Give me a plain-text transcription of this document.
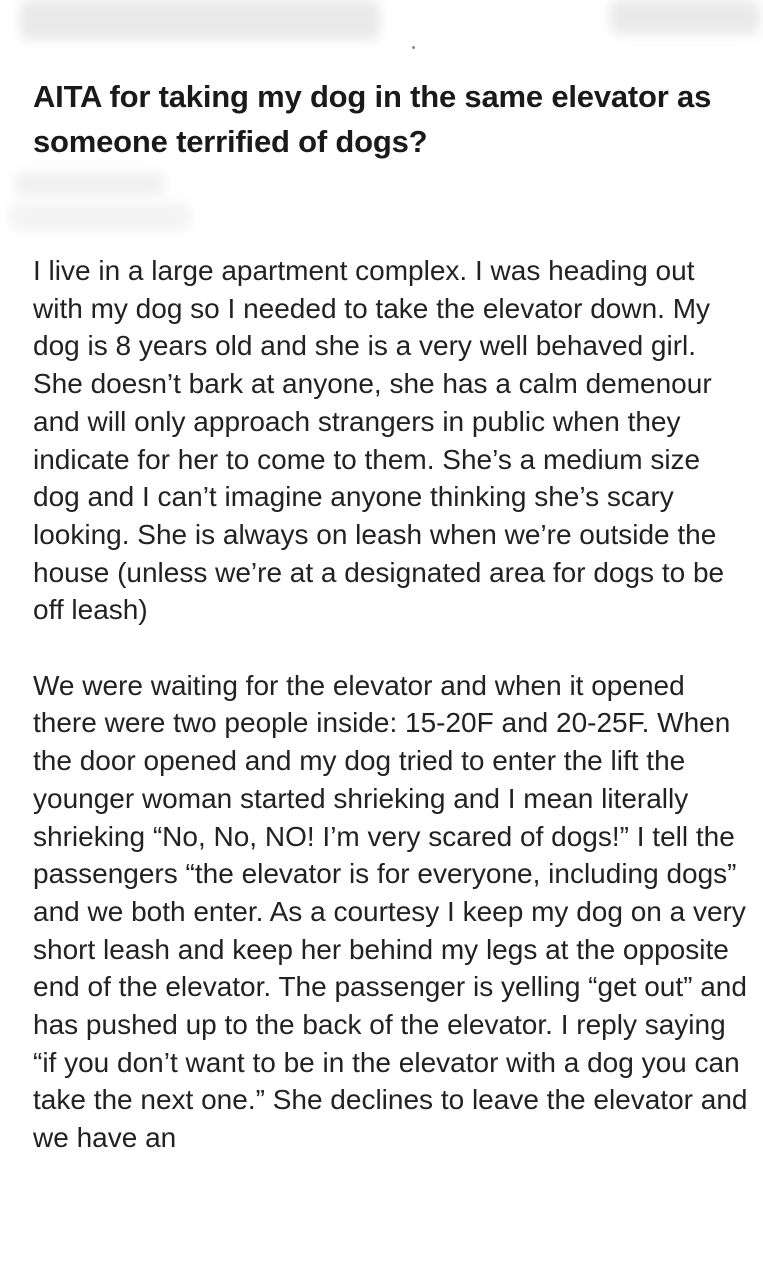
AITA for taking my dog in the same elevator as someone terrified of dogs?

I live in a large apartment complex. I was heading out with my dog so I needed to take the elevator down. My dog is 8 years old and she is a very well behaved girl. She doesn’t bark at anyone, she has a calm demenour and will only approach strangers in public when they indicate for her to come to them. She’s a medium size dog and I can’t imagine anyone thinking she’s scary looking. She is always on leash when we’re outside the house (unless we’re at a designated area for dogs to be off leash)

We were waiting for the elevator and when it opened there were two people inside: 15-20F and 20-25F. When the door opened and my dog tried to enter the lift the younger woman started shrieking and I mean literally shrieking “No, No, NO! I’m very scared of dogs!” I tell the passengers “the elevator is for everyone, including dogs” and we both enter. As a courtesy I keep my dog on a very short leash and keep her behind my legs at the opposite end of the elevator. The passenger is yelling “get out” and has pushed up to the back of the elevator. I reply saying “if you don’t want to be in the elevator with a dog you can take the next one.” She declines to leave the elevator and we have an
